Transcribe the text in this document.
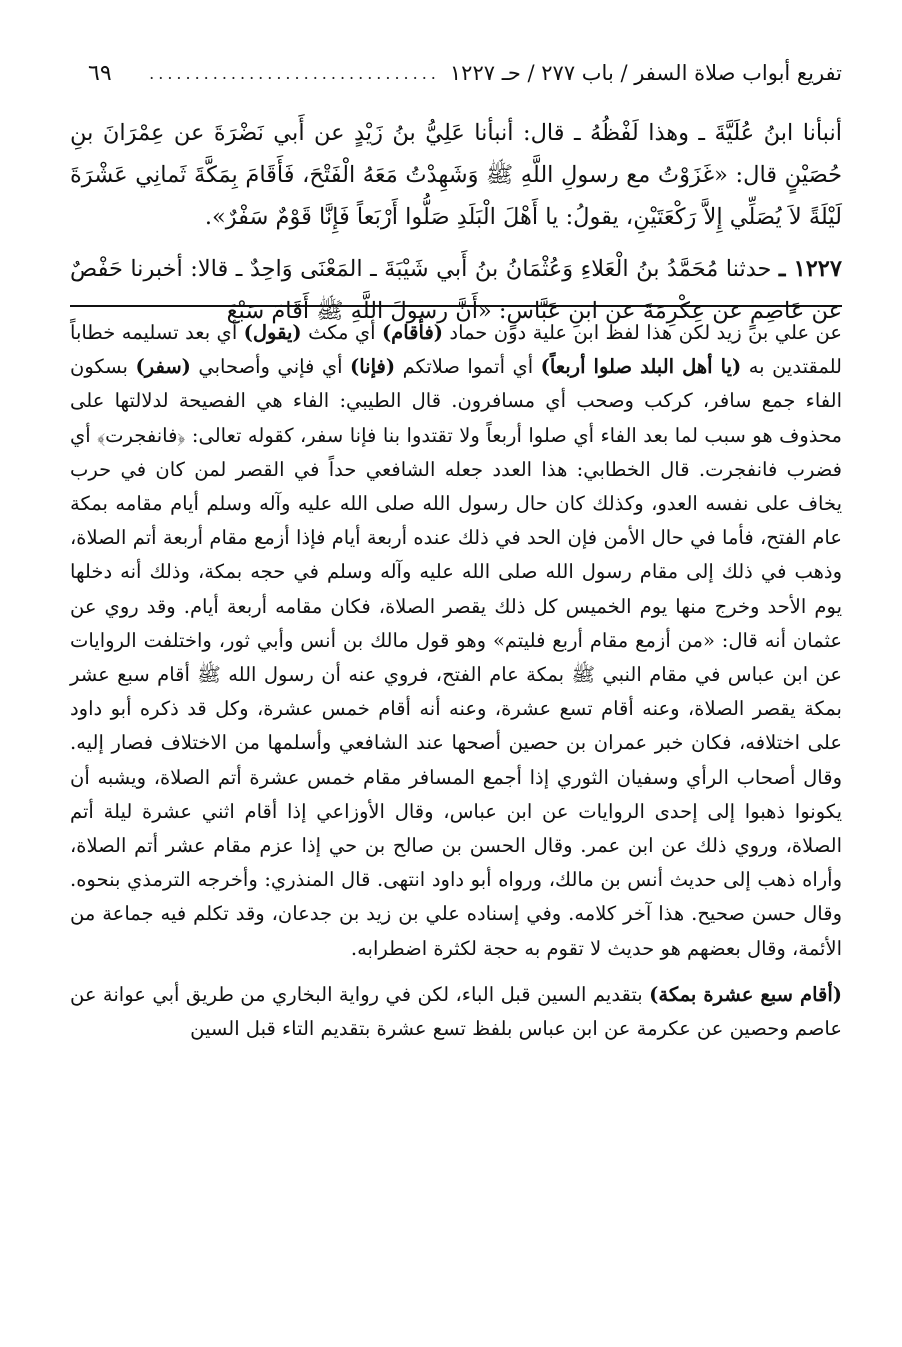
تفريع أبواب صلاة السفر / باب ٢٧٧ / حـ ١٢٢٧
................................
٦٩

أنبأنا ابنُ عُلَيَّةَ ـ وهذا لَفْظُهُ ـ قال: أنبأنا عَلِيُّ بنُ زَيْدٍ عن أَبي نَضْرَةَ عن عِمْرَانَ بنِ حُصَيْنٍ قال: «غَزَوْتُ مع رسولِ اللَّهِ ﷺ وَشَهِدْتُ مَعَهُ الْفَتْحَ، فَأَقَامَ بِمَكَّةَ ثَمانِي عَشْرَةَ لَيْلَةً لاَ يُصَلِّي إِلاَّ رَكْعَتَيْنِ، يقولُ: يا أَهْلَ الْبَلَدِ صَلُّوا أَرْبَعاً فَإِنَّا قَوْمٌ سَفْرٌ».

١٢٢٧ ـ حدثنا مُحَمَّدُ بنُ الْعَلاءِ وَعُثْمَانُ بنُ أَبي شَيْبَةَ ـ المَعْنَى وَاحِدٌ ـ قالا: أخبرنا حَفْصٌ عن عَاصِمٍ عن عِكْرِمَةَ عن ابنِ عَبَّاسٍ: «أَنَّ رسولَ اللَّهِ ﷺ أَقَامَ سَبْعَ

عن علي بن زيد لكن هذا لفظ ابن علية دون حماد (فأقام) أي مكث (يقول) أي بعد تسليمه خطاباً للمقتدين به (يا أهل البلد صلوا أربعاً) أي أتموا صلاتكم (فإنا) أي فإني وأصحابي (سفر) بسكون الفاء جمع سافر، كركب وصحب أي مسافرون. قال الطيبي: الفاء هي الفصيحة لدلالتها على محذوف هو سبب لما بعد الفاء أي صلوا أربعاً ولا تقتدوا بنا فإنا سفر، كقوله تعالى: ﴿فانفجرت﴾ أي فضرب فانفجرت. قال الخطابي: هذا العدد جعله الشافعي حداً في القصر لمن كان في حرب يخاف على نفسه العدو، وكذلك كان حال رسول الله صلى الله عليه وآله وسلم أيام مقامه بمكة عام الفتح، فأما في حال الأمن فإن الحد في ذلك عنده أربعة أيام فإذا أزمع مقام أربعة أتم الصلاة، وذهب في ذلك إلى مقام رسول الله صلى الله عليه وآله وسلم في حجه بمكة، وذلك أنه دخلها يوم الأحد وخرج منها يوم الخميس كل ذلك يقصر الصلاة، فكان مقامه أربعة أيام. وقد روي عن عثمان أنه قال: «من أزمع مقام أربع فليتم» وهو قول مالك بن أنس وأبي ثور، واختلفت الروايات عن ابن عباس في مقام النبي ﷺ بمكة عام الفتح، فروي عنه أن رسول الله ﷺ أقام سبع عشر بمكة يقصر الصلاة، وعنه أقام تسع عشرة، وعنه أنه أقام خمس عشرة، وكل قد ذكره أبو داود على اختلافه، فكان خبر عمران بن حصين أصحها عند الشافعي وأسلمها من الاختلاف فصار إليه. وقال أصحاب الرأي وسفيان الثوري إذا أجمع المسافر مقام خمس عشرة أتم الصلاة، ويشبه أن يكونوا ذهبوا إلى إحدى الروايات عن ابن عباس، وقال الأوزاعي إذا أقام اثني عشرة ليلة أتم الصلاة، وروي ذلك عن ابن عمر. وقال الحسن بن صالح بن حي إذا عزم مقام عشر أتم الصلاة، وأراه ذهب إلى حديث أنس بن مالك، ورواه أبو داود انتهى. قال المنذري: وأخرجه الترمذي بنحوه. وقال حسن صحيح. هذا آخر كلامه. وفي إسناده علي بن زيد بن جدعان، وقد تكلم فيه جماعة من الأئمة، وقال بعضهم هو حديث لا تقوم به حجة لكثرة اضطرابه.

(أقام سبع عشرة بمكة) بتقديم السين قبل الباء، لكن في رواية البخاري من طريق أبي عوانة عن عاصم وحصين عن عكرمة عن ابن عباس بلفظ تسع عشرة بتقديم التاء قبل السين
